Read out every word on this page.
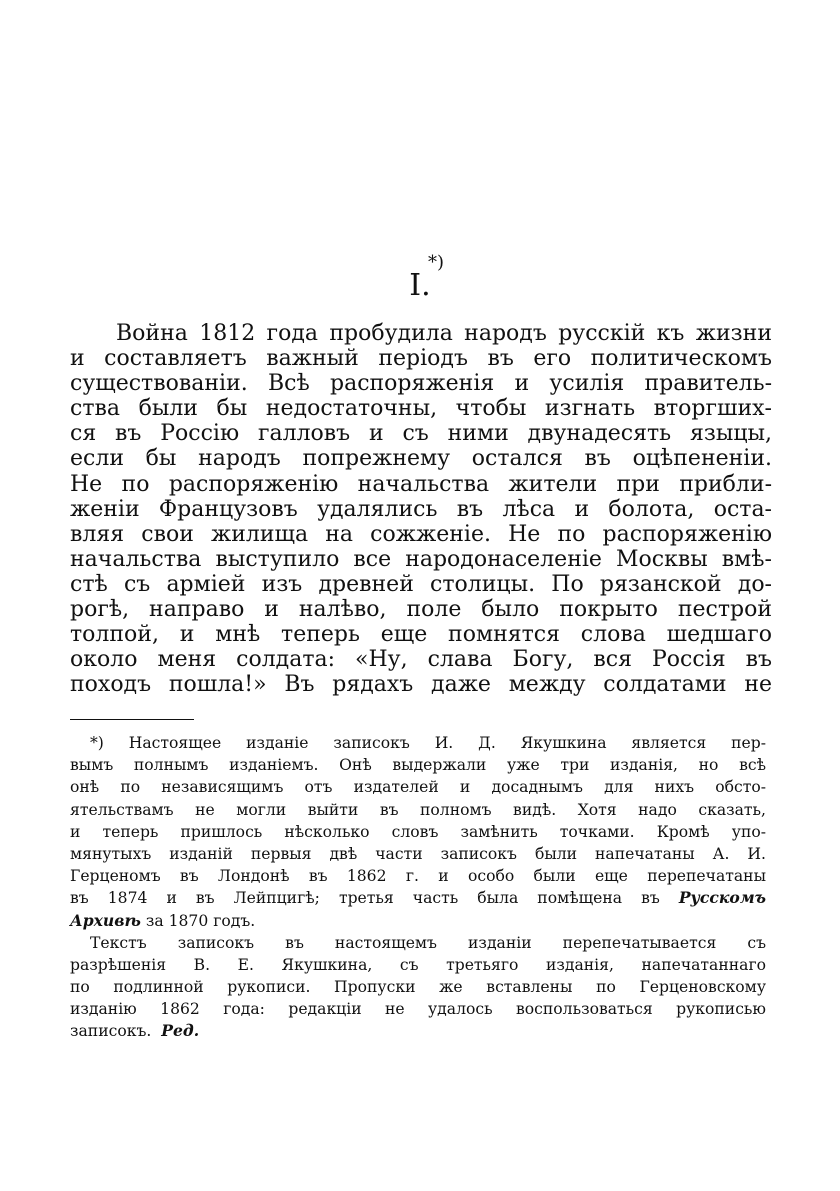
*)
I.
Война 1812 года пробудила народъ русскій къ жизни
и составляетъ важный періодъ въ его политическомъ
существованіи. Всѣ распоряженія и усилія правитель-
ства были бы недостаточны, чтобы изгнать вторгших-
ся въ Россію галловъ и съ ними двунадесять языцы,
если бы народъ попрежнему остался въ оцѣпененіи.
Не по распоряженію начальства жители при прибли-
женіи Французовъ удалялись въ лѣса и болота, оста-
вляя свои жилища на сожженіе. Не по распоряженію
начальства выступило все народонаселеніе Москвы вмѣ-
стѣ съ арміей изъ древней столицы. По рязанской до-
рогѣ, направо и налѣво, поле было покрыто пестрой
толпой, и мнѣ теперь еще помнятся слова шедшаго
около меня солдата: «Ну, слава Богу, вся Россія въ
походъ пошла!» Въ рядахъ даже между солдатами не
*) Настоящее изданіе записокъ И. Д. Якушкина является пер-
вымъ полнымъ изданіемъ. Онѣ выдержали уже три изданія, но всѣ
онѣ по независящимъ отъ издателей и досаднымъ для нихъ обсто-
ятельствамъ не могли выйти въ полномъ видѣ. Хотя надо сказать,
и теперь пришлось нѣсколько словъ замѣнить точками. Кромѣ упо-
мянутыхъ изданій первыя двѣ части записокъ были напечатаны А. И.
Герценомъ въ Лондонѣ въ 1862 г. и особо были еще перепечатаны
въ 1874 и въ Лейпцигѣ; третья часть была помѣщена въ Русскомъ
Архивѣ за 1870 годъ.
Текстъ записокъ въ настоящемъ изданіи перепечатывается съ
разрѣшенія В. Е. Якушкина, съ третьяго изданія, напечатаннаго
по подлинной рукописи. Пропуски же вставлены по Герценовскому
изданію 1862 года: редакціи не удалось воспользоваться рукописью
записокъ. Ред.
